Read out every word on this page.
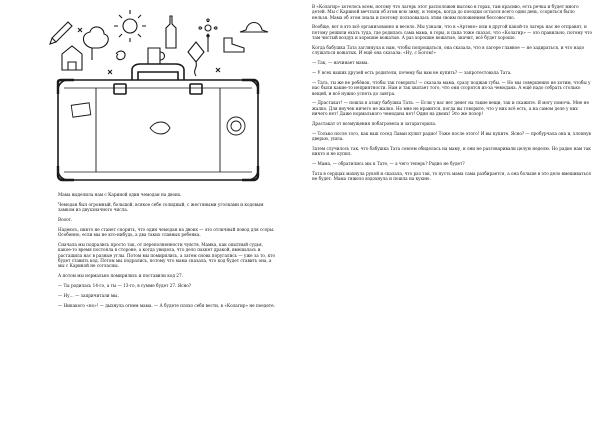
Мама выделила нам с Кариной один чемодан на двоих.

Чемодан был огромный, большой, всякое себе солидный, с жестяными уголками и кодовым замком из двухзначного числа.

Вооот.

Надеюсь, никто не станет спорить, что один чемодан на двоих — это отличный повод для ссоры. Особенно, если мы не кто-нибудь, а два таких славных ребенка.

Сначала мы подрались просто так, от переполненности чувств. Мамка, как опытный судья, какое-то время постояла в стороне, а когда увидела, что дело пахнет дракой, вмешалась и растащила нас в разные углы. Потом мы помирились, а затем снова поругались — уже за то, кто будет ставить код. Потом мы подрались, потому что мама сказала, что код будет ставить она, а мы с Кариной не согласны.

А потом мы нормально помирились и поставили код 27.

— Ты родилась 14-го, а ты — 13-го, в сумме будет 27. Ясно?

— Ну… — запричитали мы.

— Никакого «но»! — дыхнула огнем мама. — А будете плохо себя вести, в «Колагир» не поедете.

В «Колагир» хотелось всем, потому что лагерь этот расположен высоко в горах, там красиво, есть речка и будет много детей. Мы с Кариной мечтали об этом всю зиму, и теперь, когда до поездки остался всего один день, ссориться было нельзя. Мама об этом знала и поэтому пользовалась этим своим положением бессовестно.

Вообще, вот в это всё организованно и весело. Мы узнали, что в «Артеке» или в другой какой-то лагерь нас не отправят, и потому решили ехать туда, где родилась сама мама, в горы, и папа тоже сказал, что «Колагир» — это правильно, потому что там чистый воздух и хорошие вожатые. А раз хорошие вожатые, значит, всё будет хорошо.

Когда бабушка Тата заглянула к нам, чтобы попрощаться, она сказала, что в лагере главное — не задираться, и что надо слушаться вожатых. И ещё она сказала: «Ну, с Богом!»

— Так, — начинает мама.

— У всех ваших друзей есть родители, почему бы вам не купить? — запротестовала Тата.

— Тата, ты же не ребёнок, чтобы так говорить! — сказала мама, сразу поджав губы. — Но мы совершенно не хотим, чтобы у нас были какие-то неприятности. Нам и так хватает того, что они ссорятся из-за чемодана. А ещё надо собрать столько вещей, и всё нужно успеть до завтра.

— Драстакат! — пошла в атаку бабушка Тата. — Если у вас нет денег на такие вещи, так и скажите. Я могу помочь. Мне не жалко. Для внучек ничего не жалко. Но мне не нравится, когда вы говорите, что у них всё есть, а на самом деле у них ничего нет! Даже нормального чемодана нет! Один на двоих! Это же позор!

Драстакат от возмущения побагровела и затараторила.

— Только после того, как ваш сосед Лаван купит радио! Тоже после этого! И вы купите. Ясно? — пробурчала она и, хлопнув дверью, ушла.

Затем случилось так, что бабушка Тата совсем обиделась на маму, и они не разговаривали целую неделю. Но радио нам так никто и не купил.

— Мама, — обратились мы к Тате, — а чего теперь? Радио не будет?

Тата в сердцах махнула рукой и сказала, что раз так, то пусть мама сама разбирается, а она больше в это дело вмешиваться не будет. Мама тяжело вздохнула и пошла на кухню.
